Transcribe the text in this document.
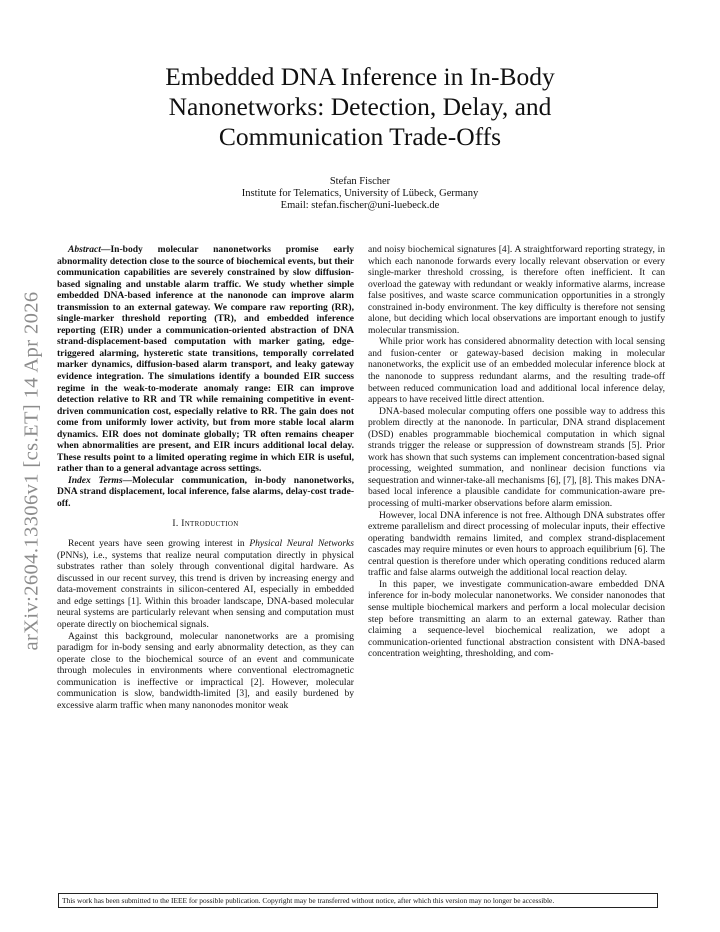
arXiv:2604.13306v1 [cs.ET] 14 Apr 2026
Embedded DNA Inference in In-Body Nanonetworks: Detection, Delay, and Communication Trade-Offs
Stefan Fischer
Institute for Telematics, University of Lübeck, Germany
Email: stefan.fischer@uni-luebeck.de

Abstract—In-body molecular nanonetworks promise early abnormality detection close to the source of biochemical events, but their communication capabilities are severely constrained by slow diffusion-based signaling and unstable alarm traffic. We study whether simple embedded DNA-based inference at the nanonode can improve alarm transmission to an external gateway. We compare raw reporting (RR), single-marker threshold reporting (TR), and embedded inference reporting (EIR) under a communication-oriented abstraction of DNA strand-displacement-based computation with marker gating, edge-triggered alarming, hysteretic state transitions, temporally correlated marker dynamics, diffusion-based alarm transport, and leaky gateway evidence integration. The simulations identify a bounded EIR success regime in the weak-to-moderate anomaly range: EIR can improve detection relative to RR and TR while remaining competitive in event-driven communication cost, especially relative to RR. The gain does not come from uniformly lower activity, but from more stable local alarm dynamics. EIR does not dominate globally; TR often remains cheaper when abnormalities are present, and EIR incurs additional local delay. These results point to a limited operating regime in which EIR is useful, rather than to a general advantage across settings.

Index Terms—Molecular communication, in-body nanonetworks, DNA strand displacement, local inference, false alarms, delay-cost trade-off.

I. Introduction

Recent years have seen growing interest in Physical Neural Networks (PNNs), i.e., systems that realize neural computation directly in physical substrates rather than solely through conventional digital hardware. As discussed in our recent survey, this trend is driven by increasing energy and data-movement constraints in silicon-centered AI, especially in embedded and edge settings [1]. Within this broader landscape, DNA-based molecular neural systems are particularly relevant when sensing and computation must operate directly on biochemical signals.

Against this background, molecular nanonetworks are a promising paradigm for in-body sensing and early abnormality detection, as they can operate close to the biochemical source of an event and communicate through molecules in environments where conventional electromagnetic communication is ineffective or impractical [2]. However, molecular communication is slow, bandwidth-limited [3], and easily burdened by excessive alarm traffic when many nanonodes monitor weak

and noisy biochemical signatures [4]. A straightforward reporting strategy, in which each nanonode forwards every locally relevant observation or every single-marker threshold crossing, is therefore often inefficient. It can overload the gateway with redundant or weakly informative alarms, increase false positives, and waste scarce communication opportunities in a strongly constrained in-body environment. The key difficulty is therefore not sensing alone, but deciding which local observations are important enough to justify molecular transmission.

While prior work has considered abnormality detection with local sensing and fusion-center or gateway-based decision making in molecular nanonetworks, the explicit use of an embedded molecular inference block at the nanonode to suppress redundant alarms, and the resulting trade-off between reduced communication load and additional local inference delay, appears to have received little direct attention.

DNA-based molecular computing offers one possible way to address this problem directly at the nanonode. In particular, DNA strand displacement (DSD) enables programmable biochemical computation in which signal strands trigger the release or suppression of downstream strands [5]. Prior work has shown that such systems can implement concentration-based signal processing, weighted summation, and nonlinear decision functions via sequestration and winner-take-all mechanisms [6], [7], [8]. This makes DNA-based local inference a plausible candidate for communication-aware pre-processing of multi-marker observations before alarm emission.

However, local DNA inference is not free. Although DNA substrates offer extreme parallelism and direct processing of molecular inputs, their effective operating bandwidth remains limited, and complex strand-displacement cascades may require minutes or even hours to approach equilibrium [6]. The central question is therefore under which operating conditions reduced alarm traffic and false alarms outweigh the additional local reaction delay.

In this paper, we investigate communication-aware embedded DNA inference for in-body molecular nanonetworks. We consider nanonodes that sense multiple biochemical markers and perform a local molecular decision step before transmitting an alarm to an external gateway. Rather than claiming a sequence-level biochemical realization, we adopt a communication-oriented functional abstraction consistent with DNA-based concentration weighting, thresholding, and com-

This work has been submitted to the IEEE for possible publication. Copyright may be transferred without notice, after which this version may no longer be accessible.
